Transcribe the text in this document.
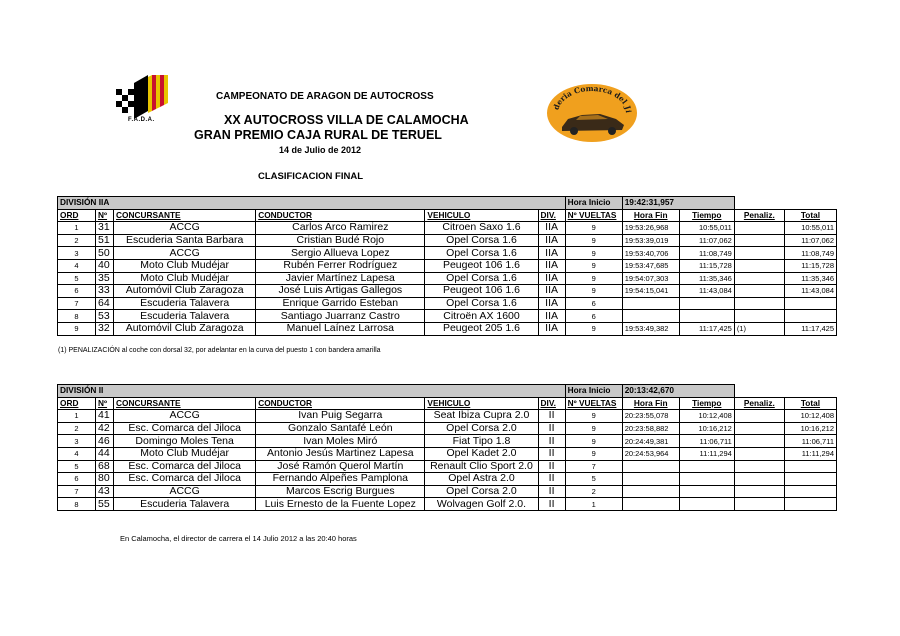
F.A.D.A.
CAMPEONATO DE ARAGON DE AUTOCROSS
XX AUTOCROSS VILLA DE CALAMOCHA
GRAN PREMIO CAJA RURAL DE TERUEL
14 de Julio de 2012
CLASIFICACION FINAL
deria Comarca del Ji
DIVISIÓN IIA						Hora Inicio	19:42:31,957			
ORD	Nº	CONCURSANTE	CONDUCTOR	VEHICULO	DIV.	Nº VUELTAS	Hora Fin	Tiempo	Penaliz.	Total
1	31	ACCG	Carlos Arco Ramirez	Citroen Saxo 1.6	IIA	9	19:53:26,968	10:55,011		10:55,011
2	51	Escuderia Santa Barbara	Cristian Budé Rojo	Opel Corsa 1.6	IIA	9	19:53:39,019	11:07,062		11:07,062
3	50	ACCG	Sergio Allueva Lopez	Opel Corsa 1.6	IIA	9	19:53:40,706	11:08,749		11:08,749
4	40	Moto Club Mudéjar	Rubén Ferrer Rodríguez	Peugeot 106 1.6	IIA	9	19:53:47,685	11:15,728		11:15,728
5	35	Moto Club Mudéjar	Javier Martínez Lapesa	Opel Corsa 1.6	IIA	9	19:54:07,303	11:35,346		11:35,346
6	33	Automóvil Club Zaragoza	José Luis Artigas Gallegos	Peugeot 106 1.6	IIA	9	19:54:15,041	11:43,084		11:43,084
7	64	Escuderia Talavera	Enrique Garrido Esteban	Opel Corsa 1.6	IIA	6				
8	53	Escuderia Talavera	Santiago Juarranz Castro	Citroën AX 1600	IIA	6				
9	32	Automóvil Club Zaragoza	Manuel Laínez Larrosa	Peugeot 205 1.6	IIA	9	19:53:49,382	11:17,425	(1)	11:17,425
(1) PENALIZACIÓN al coche con dorsal 32, por adelantar en la curva del puesto 1 con bandera amarilla
DIVISIÓN II						Hora Inicio	20:13:42,670			
ORD	Nº	CONCURSANTE	CONDUCTOR	VEHICULO	DIV.	Nº VUELTAS	Hora Fin	Tiempo	Penaliz.	Total
1	41	ACCG	Ivan Puig Segarra	Seat Ibiza Cupra 2.0	II	9	20:23:55,078	10:12,408		10:12,408
2	42	Esc. Comarca del Jiloca	Gonzalo Santafé León	Opel Corsa 2.0	II	9	20:23:58,882	10:16,212		10:16,212
3	46	Domingo Moles Tena	Ivan Moles Miró	Fiat Tipo 1.8	II	9	20:24:49,381	11:06,711		11:06,711
4	44	Moto Club Mudéjar	Antonio Jesús Martinez Lapesa	Opel Kadet 2.0	II	9	20:24:53,964	11:11,294		11:11,294
5	68	Esc. Comarca del Jiloca	José Ramón Querol Martín	Renault Clio Sport 2.0	II	7				
6	80	Esc. Comarca del Jiloca	Fernando Alpeñes Pamplona	Opel Astra 2.0	II	5				
7	43	ACCG	Marcos Escrig Burgues	Opel Corsa 2.0	II	2				
8	55	Escuderia Talavera	Luis Ernesto de la Fuente Lopez	Wolvagen Golf 2.0.	II	1				
En Calamocha, el director de carrera el 14 Julio 2012 a las 20:40 horas
